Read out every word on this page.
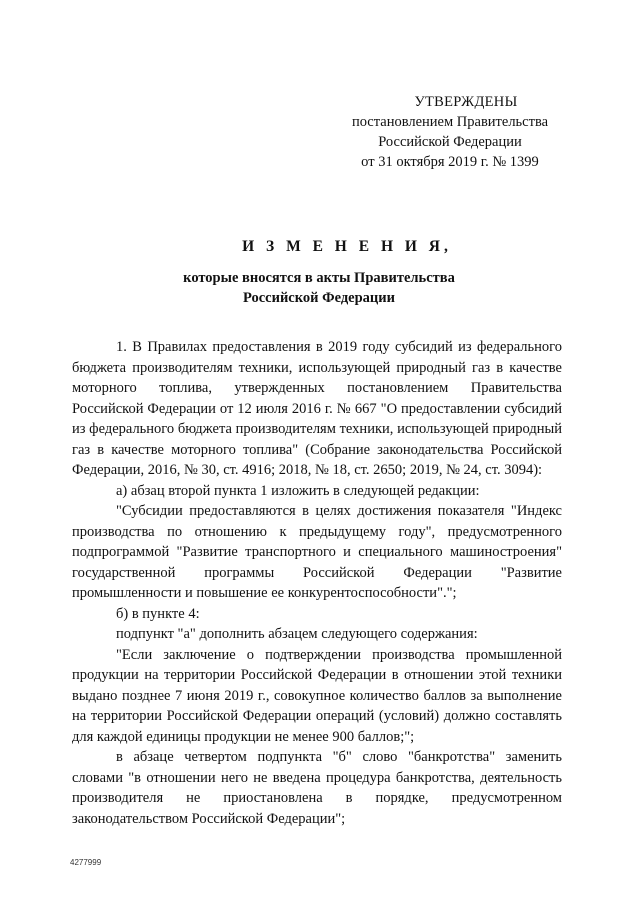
УТВЕРЖДЕНЫ
постановлением Правительства
Российской Федерации
от 31 октября 2019 г. № 1399
И З М Е Н Е Н И Я,
которые вносятся в акты Правительства
Российской Федерации

1. В Правилах предоставления в 2019 году субсидий из федерального бюджета производителям техники, использующей природный газ в качестве моторного топлива, утвержденных постановлением Правительства Российской Федерации от 12 июля 2016 г. № 667 "О предоставлении субсидий из федерального бюджета производителям техники, использующей природный газ в качестве моторного топлива" (Собрание законодательства Российской Федерации, 2016, № 30, ст. 4916; 2018, № 18, ст. 2650; 2019, № 24, ст. 3094):

а) абзац второй пункта 1 изложить в следующей редакции:

"Субсидии предоставляются в целях достижения показателя "Индекс производства по отношению к предыдущему году", предусмотренного подпрограммой "Развитие транспортного и специального машиностроения" государственной программы Российской Федерации "Развитие промышленности и повышение ее конкурентоспособности".";

б) в пункте 4:

подпункт "а" дополнить абзацем следующего содержания:

"Если заключение о подтверждении производства промышленной продукции на территории Российской Федерации в отношении этой техники выдано позднее 7 июня 2019 г., совокупное количество баллов за выполнение на территории Российской Федерации операций (условий) должно составлять для каждой единицы продукции не менее 900 баллов;";

в абзаце четвертом подпункта "б" слово "банкротства" заменить словами "в отношении него не введена процедура банкротства, деятельность производителя не приостановлена в порядке, предусмотренном законодательством Российской Федерации";

4277999
